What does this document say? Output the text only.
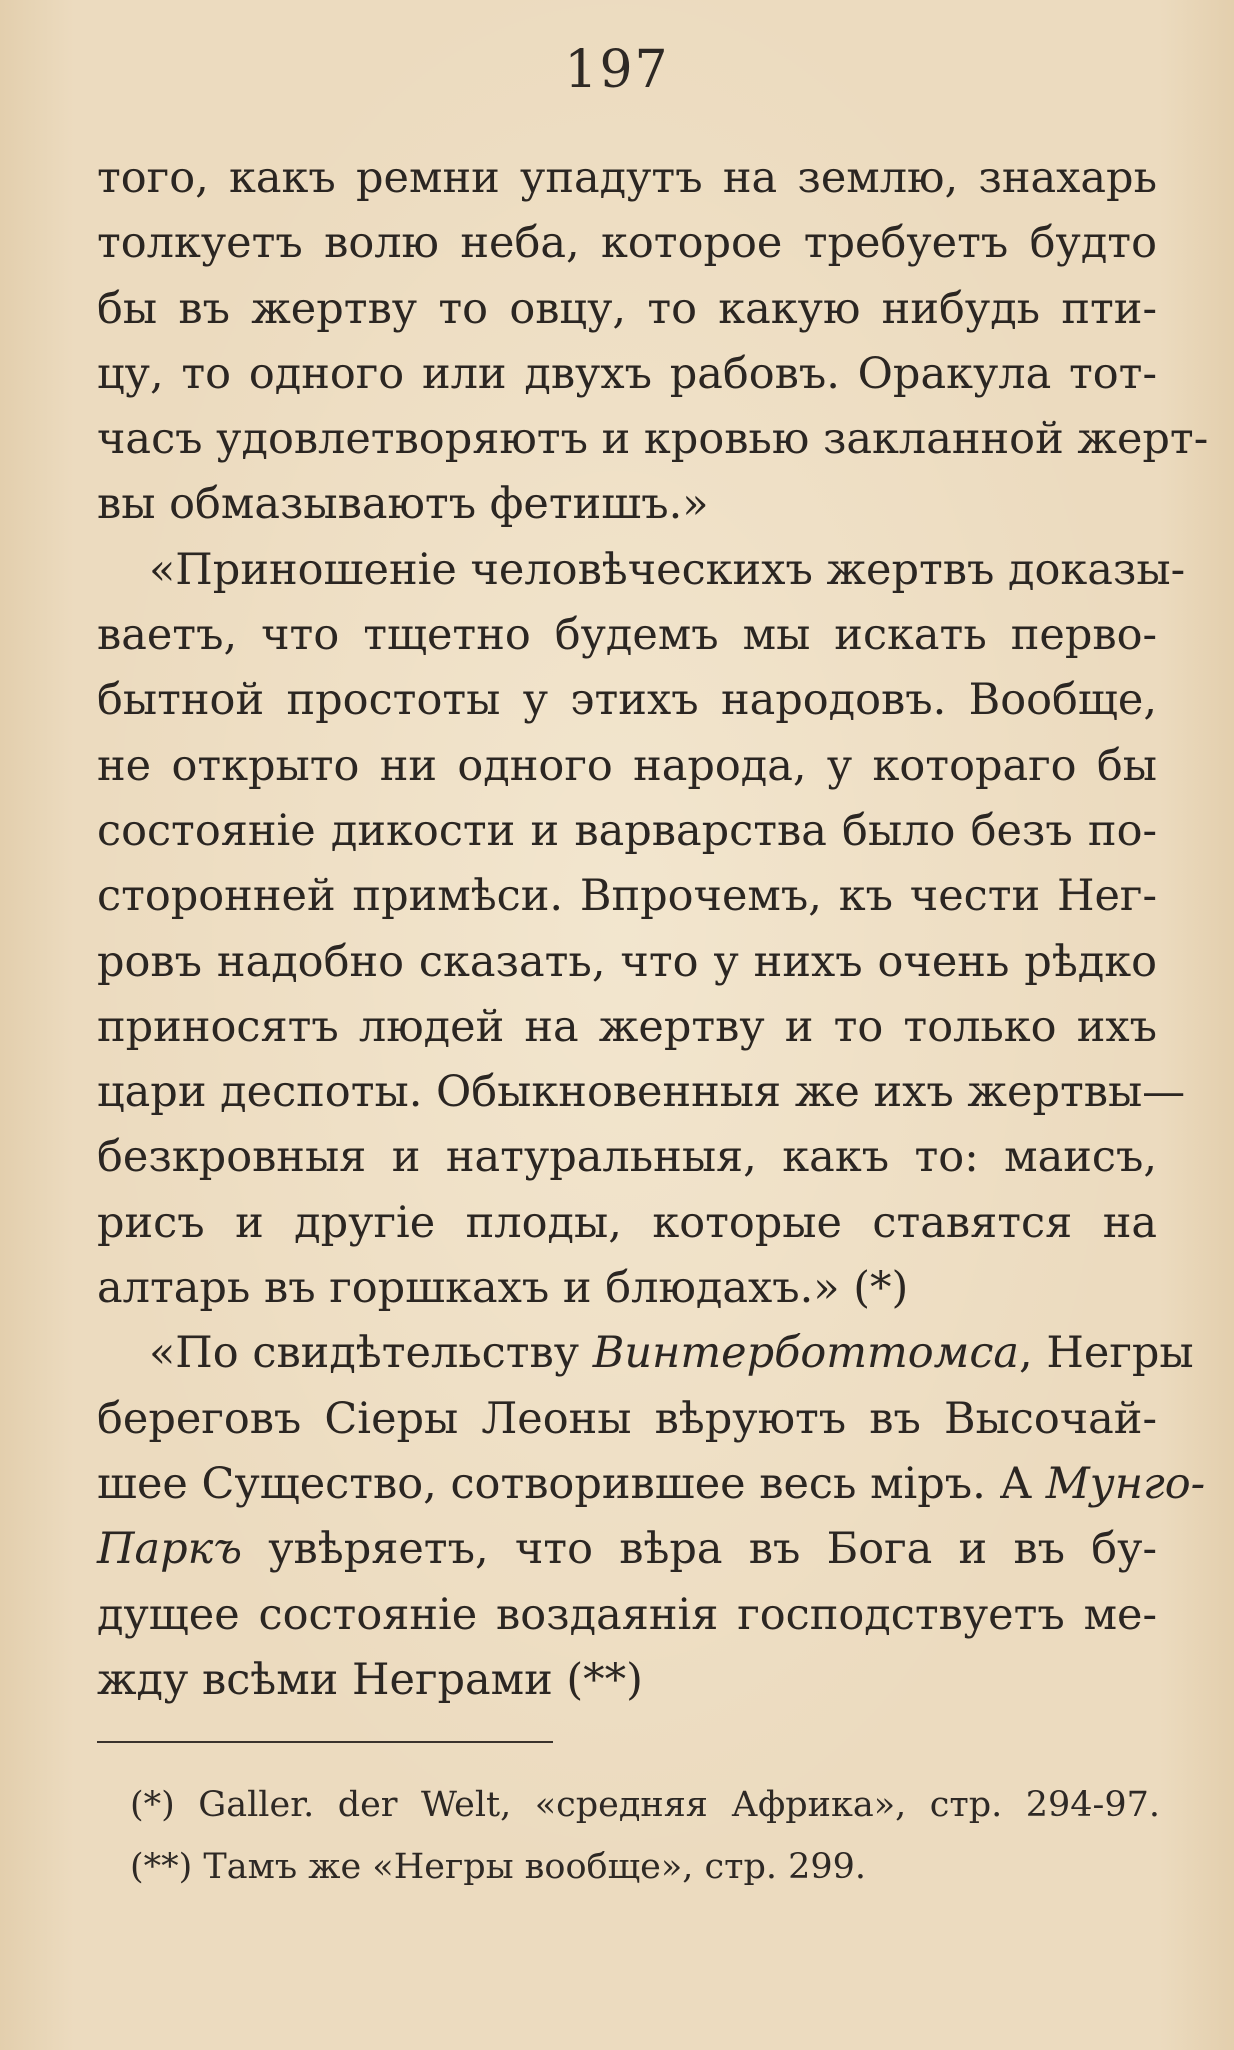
197
того, какъ ремни упадутъ на землю, знахарь
толкуетъ волю неба, которое требуетъ будто
бы въ жертву то овцу, то какую нибудь пти-
цу, то одного или двухъ рабовъ. Оракула тот-
часъ удовлетворяютъ и кровью закланной жерт-
вы обмазываютъ фетишъ.»
«Приношеніе человѣческихъ жертвъ доказы-
ваетъ, что тщетно будемъ мы искать перво-
бытной простоты у этихъ народовъ. Вообще,
не открыто ни одного народа, у котораго бы
состояніе дикости и варварства было безъ по-
сторонней примѣси. Впрочемъ, къ чести Нег-
ровъ надобно сказать, что у нихъ очень рѣдко
приносятъ людей на жертву и то только ихъ
цари деспоты. Обыкновенныя же ихъ жертвы—
безкровныя и натуральныя, какъ то: маисъ,
рисъ и другіе плоды, которые ставятся на
алтарь въ горшкахъ и блюдахъ.» (*)
«По свидѣтельству Винтерботтомса, Негры
береговъ Сіеры Леоны вѣруютъ въ Высочай-
шее Существо, сотворившее весь міръ. А Мунго-
Паркъ увѣряетъ, что вѣра въ Бога и въ бу-
дущее состояніе воздаянія господствуетъ ме-
жду всѣми Неграми (**)
(*) Galler. der Welt, «средняя Африка», стр. 294-97.
(**) Тамъ же «Негры вообще», стр. 299.
